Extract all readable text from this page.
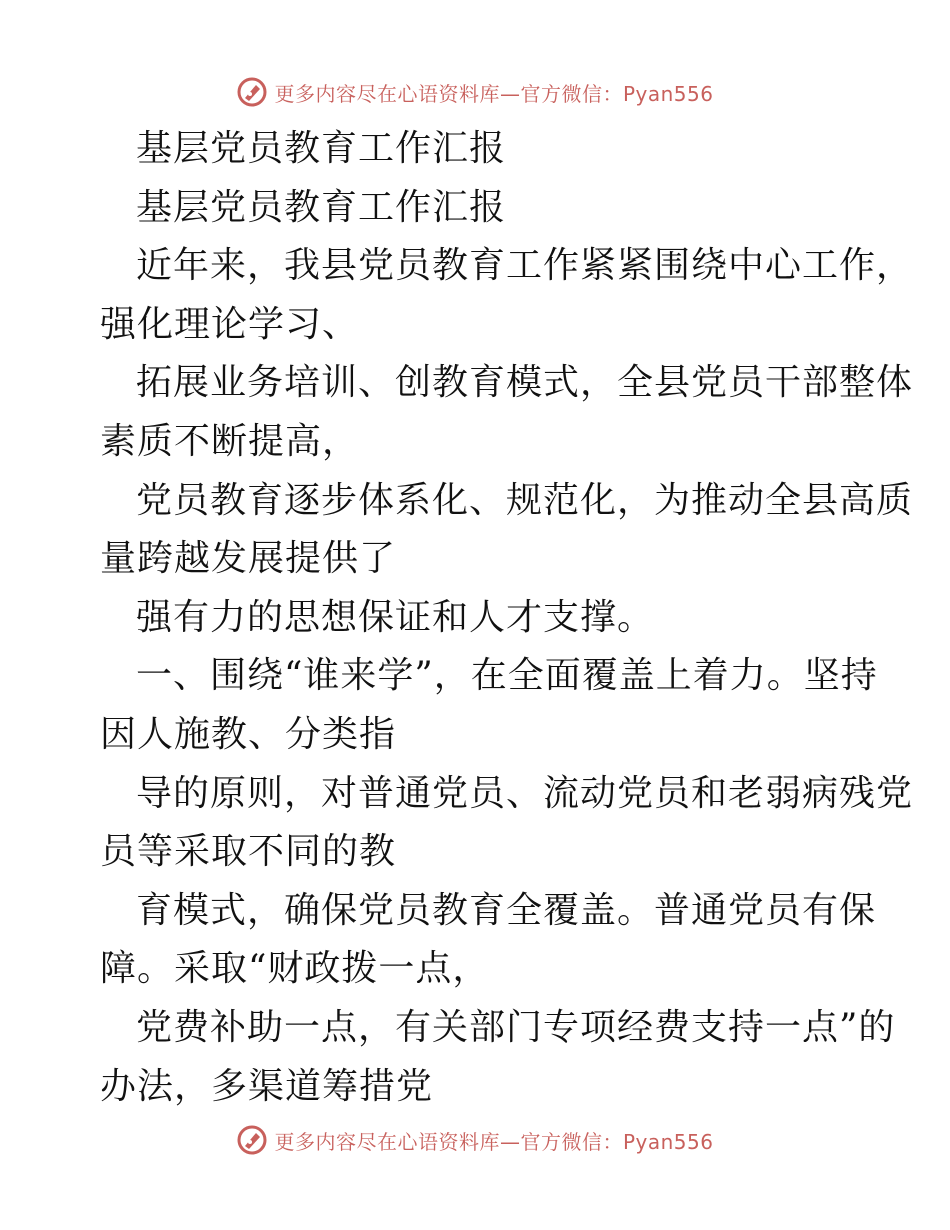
更多内容尽在心语资料库—官方微信：Pyan556
基层党员教育工作汇报
基层党员教育工作汇报
近年来，我县党员教育工作紧紧围绕中心工作，
强化理论学习、
拓展业务培训、创教育模式，全县党员干部整体
素质不断提高，
党员教育逐步体系化、规范化，为推动全县高质
量跨越发展提供了
强有力的思想保证和人才支撑。
一、围绕“谁来学”，在全面覆盖上着力。坚持
因人施教、分类指
导的原则，对普通党员、流动党员和老弱病残党
员等采取不同的教
育模式，确保党员教育全覆盖。普通党员有保
障。采取“财政拨一点，
党费补助一点，有关部门专项经费支持一点”的
办法，多渠道筹措党
更多内容尽在心语资料库—官方微信：Pyan556
